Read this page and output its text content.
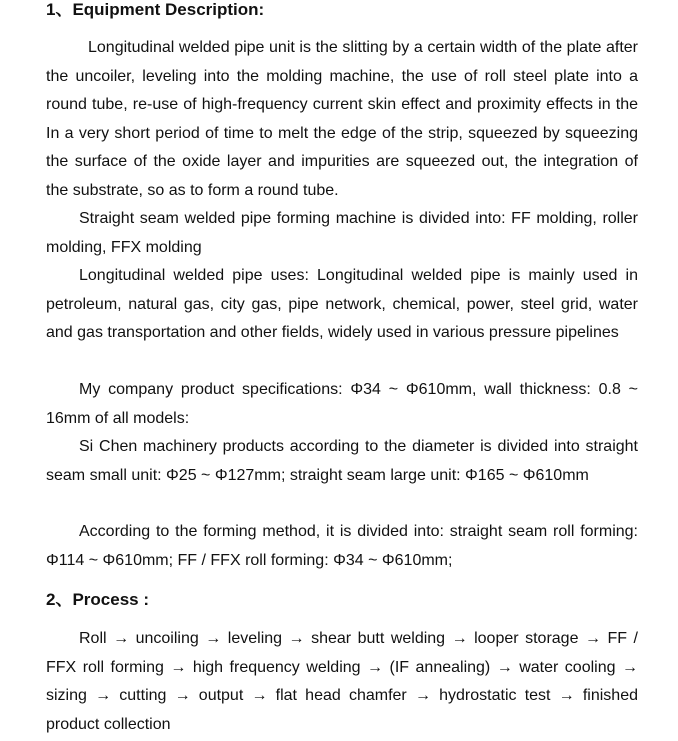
1、Equipment Description:

Longitudinal welded pipe unit is the slitting by a certain width of the plate after the uncoiler, leveling into the molding machine, the use of roll steel plate into a round tube, re-use of high-frequency current skin effect and proximity effects in the In a very short period of time to melt the edge of the strip, squeezed by squeezing the surface of the oxide layer and impurities are squeezed out, the integration of the substrate, so as to form a round tube.

Straight seam welded pipe forming machine is divided into: FF molding, roller molding, FFX molding

Longitudinal welded pipe uses: Longitudinal welded pipe is mainly used in petroleum, natural gas, city gas, pipe network, chemical, power, steel grid, water and gas transportation and other fields, widely used in various pressure pipelines

My company product specifications: Φ34 ~ Φ610mm, wall thickness: 0.8 ~ 16mm of all models:

Si Chen machinery products according to the diameter is divided into straight seam small unit: Φ25 ~ Φ127mm; straight seam large unit: Φ165 ~ Φ610mm

According to the forming method, it is divided into: straight seam roll forming: Φ114 ~ Φ610mm; FF / FFX roll forming: Φ34 ~ Φ610mm;

2、Process :

Roll → uncoiling → leveling → shear butt welding → looper storage → FF / FFX roll forming → high frequency welding → (IF annealing) → water cooling → sizing → cutting → output → flat head chamfer → hydrostatic test → finished product collection
